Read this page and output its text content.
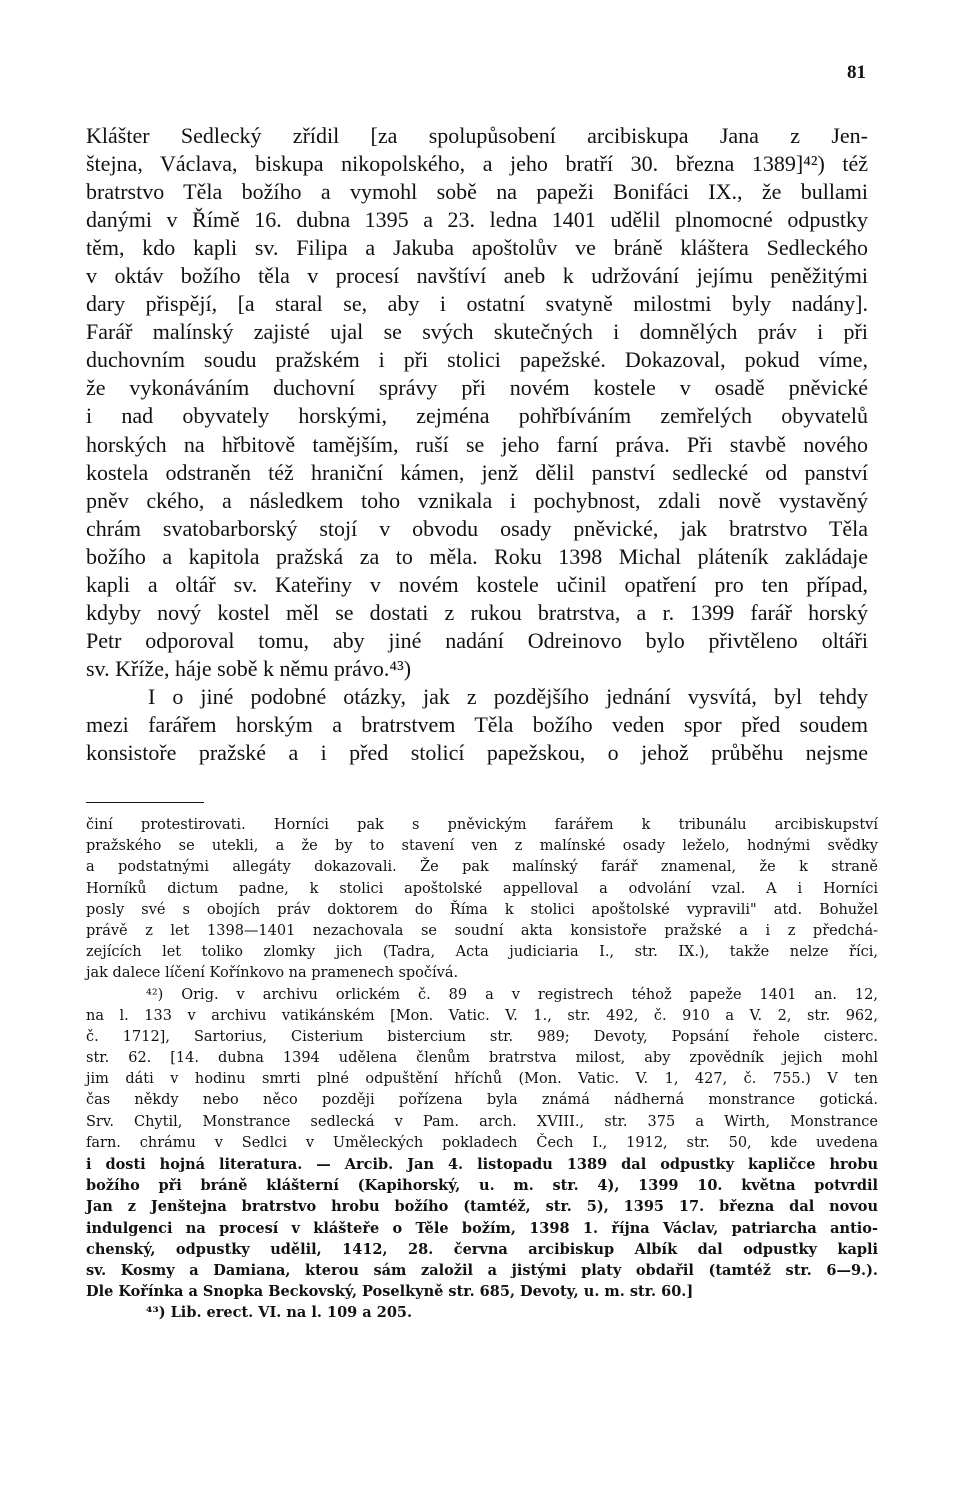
81
Klášter Sedlecký zřídil [za spolupůsobení arcibiskupa Jana z Jen-
štejna, Václava, biskupa nikopolského, a jeho bratří 30. března 1389]⁴²) též
bratrstvo Těla božího a vymohl sobě na papeži Bonifáci IX., že bullami
danými v Římě 16. dubna 1395 a 23. ledna 1401 udělil plnomocné odpustky
těm, kdo kapli sv. Filipa a Jakuba apoštolův ve bráně kláštera Sedleckého
v oktáv božího těla v procesí navštíví aneb k udržování jejímu peněžitými
dary přispějí, [a staral se, aby i ostatní svatyně milostmi byly nadány].
Farář malínský zajisté ujal se svých skutečných i domnělých práv i při
duchovním soudu pražském i při stolici papežské. Dokazoval, pokud víme,
že vykonáváním duchovní správy při novém kostele v osadě pněvické
i nad obyvately horskými, zejména pohřbíváním zemřelých obyvatelů
horských na hřbitově tamějším, ruší se jeho farní práva. Při stavbě nového
kostela odstraněn též hraniční kámen, jenž dělil panství sedlecké od panství
pněv ckého, a následkem toho vznikala i pochybnost, zdali nově vystavěný
chrám svatobarborský stojí v obvodu osady pněvické, jak bratrstvo Těla
božího a kapitola pražská za to měla. Roku 1398 Michal pláteník zakládaje
kapli a oltář sv. Kateřiny v novém kostele učinil opatření pro ten případ,
kdyby nový kostel měl se dostati z rukou bratrstva, a r. 1399 farář horský
Petr odporoval tomu, aby jiné nadání Odreinovo bylo přivtěleno oltáři
sv. Kříže, háje sobě k němu právo.⁴³)
I o jiné podobné otázky, jak z pozdějšího jednání vysvítá, byl tehdy
mezi farářem horským a bratrstvem Těla božího veden spor před soudem
konsistoře pražské a i před stolicí papežskou, o jehož průběhu nejsme
činí protestirovati. Horníci pak s pněvickým farářem k tribunálu arcibiskupství
pražského se utekli, a že by to stavení ven z malínské osady leželo, hodnými svědky
a podstatnými allegáty dokazovali. Že pak malínský farář znamenal, že k straně
Horníků dictum padne, k stolici apoštolské appelloval a odvolání vzal. A i Horníci
posly své s obojích práv doktorem do Říma k stolici apoštolské vypravili" atd. Bohužel
právě z let 1398—1401 nezachovala se soudní akta konsistoře pražské a i z předchá-
zejících let toliko zlomky jich (Tadra, Acta judiciaria I., str. IX.), takže nelze říci,
jak dalece líčení Kořínkovo na pramenech spočívá.
⁴²) Orig. v archivu orlickém č. 89 a v registrech téhož papeže 1401 an. 12,
na l. 133 v archivu vatikánském [Mon. Vatic. V. 1., str. 492, č. 910 a V. 2, str. 962,
č. 1712], Sartorius, Cisterium bistercium str. 989; Devoty, Popsání řehole cisterc.
str. 62. [14. dubna 1394 udělena členům bratrstva milost, aby zpovědník jejich mohl
jim dáti v hodinu smrti plné odpuštění hříchů (Mon. Vatic. V. 1, 427, č. 755.) V ten
čas někdy nebo něco později pořízena byla známá nádherná monstrance gotická.
Srv. Chytil, Monstrance sedlecká v Pam. arch. XVIII., str. 375 a Wirth, Monstrance
farn. chrámu v Sedlci v Uměleckých pokladech Čech I., 1912, str. 50, kde uvedena
i dosti hojná literatura. — Arcib. Jan 4. listopadu 1389 dal odpustky kapličce hrobu
božího při bráně klášterní (Kapihorský, u. m. str. 4), 1399 10. května potvrdil
Jan z Jenštejna bratrstvo hrobu božího (tamtéž, str. 5), 1395 17. března dal novou
indulgenci na procesí v klášteře o Těle božím, 1398 1. října Václav, patriarcha antio-
chenský, odpustky udělil, 1412, 28. června arcibiskup Albík dal odpustky kapli
sv. Kosmy a Damiana, kterou sám založil a jistými platy obdařil (tamtéž str. 6—9.).
Dle Kořínka a Snopka Beckovský, Poselkyně str. 685, Devoty, u. m. str. 60.]
⁴³) Lib. erect. VI. na l. 109 a 205.
